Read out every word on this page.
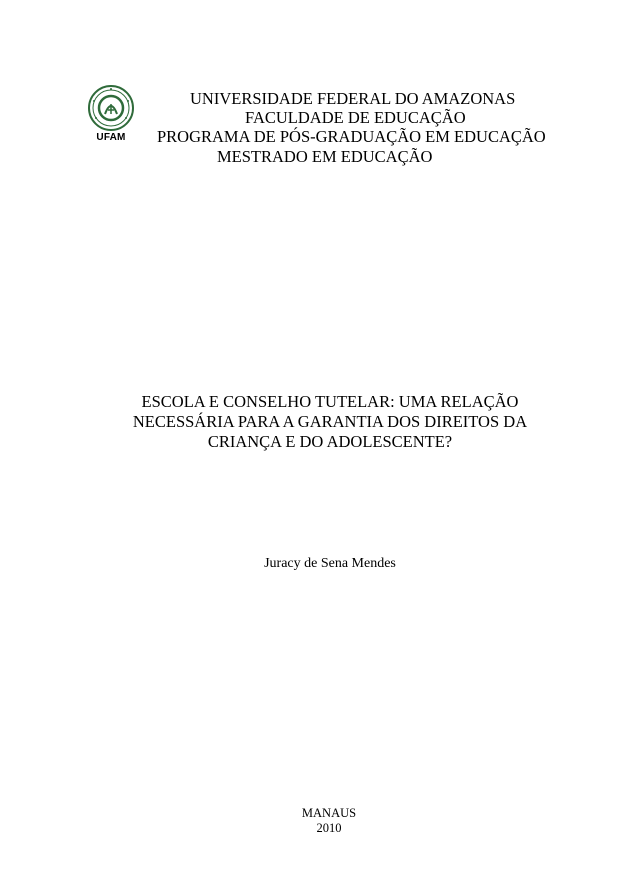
UFAM
UNIVERSIDADE FEDERAL DO AMAZONAS
FACULDADE DE EDUCAÇÃO
PROGRAMA DE PÓS-GRADUAÇÃO EM EDUCAÇÃO
MESTRADO EM EDUCAÇÃO
ESCOLA E CONSELHO TUTELAR: UMA RELAÇÃO
NECESSÁRIA PARA A GARANTIA DOS DIREITOS DA
CRIANÇA E DO ADOLESCENTE?
Juracy de Sena Mendes
MANAUS
2010
